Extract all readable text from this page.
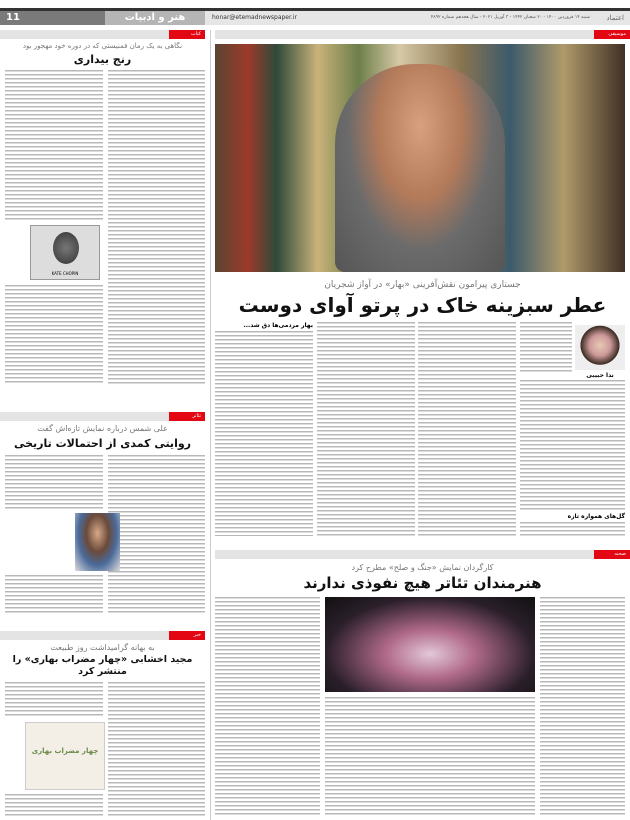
11	هنر و ادبیات	honar@etemadnewspaper.ir	شنبه ۱۴ فروردین ۱۴۰۰ - ۲۰ شعبان ۱۴۴۲ - ۳ آوریل ۲۰۲۱ - سال هجدهم شماره ۴۸۹۲ اعتماد
موسیقی
جستاری پیرامون نقش‌آفرینی «بهار» در آواز شجریان
عطر سبزینه خاک در پرتو آوای دوست
ندا حبیبی
گل‌های همواره تازه
بهار مردمی‌ها دق شد...
صحنه
کارگردان نمایش «جنگ و صلح» مطرح کرد
هنرمندان تئاتر هیچ نفوذی ندارند
کتاب
نگاهی به یک رمان فمنیستی که در دوره خود مهجور بود
رنج بیداری
KATE CHOPIN
تئاتر
علی شمس درباره نمایش تازه‌اش گفت
روایتی کمدی از احتمالات تاریخی
خبر
به بهانه گرامیداشت روز طبیعت
مجید اخشابی «چهار مضراب بهاری» را منتشر کرد
چهار مضراب بهاری
